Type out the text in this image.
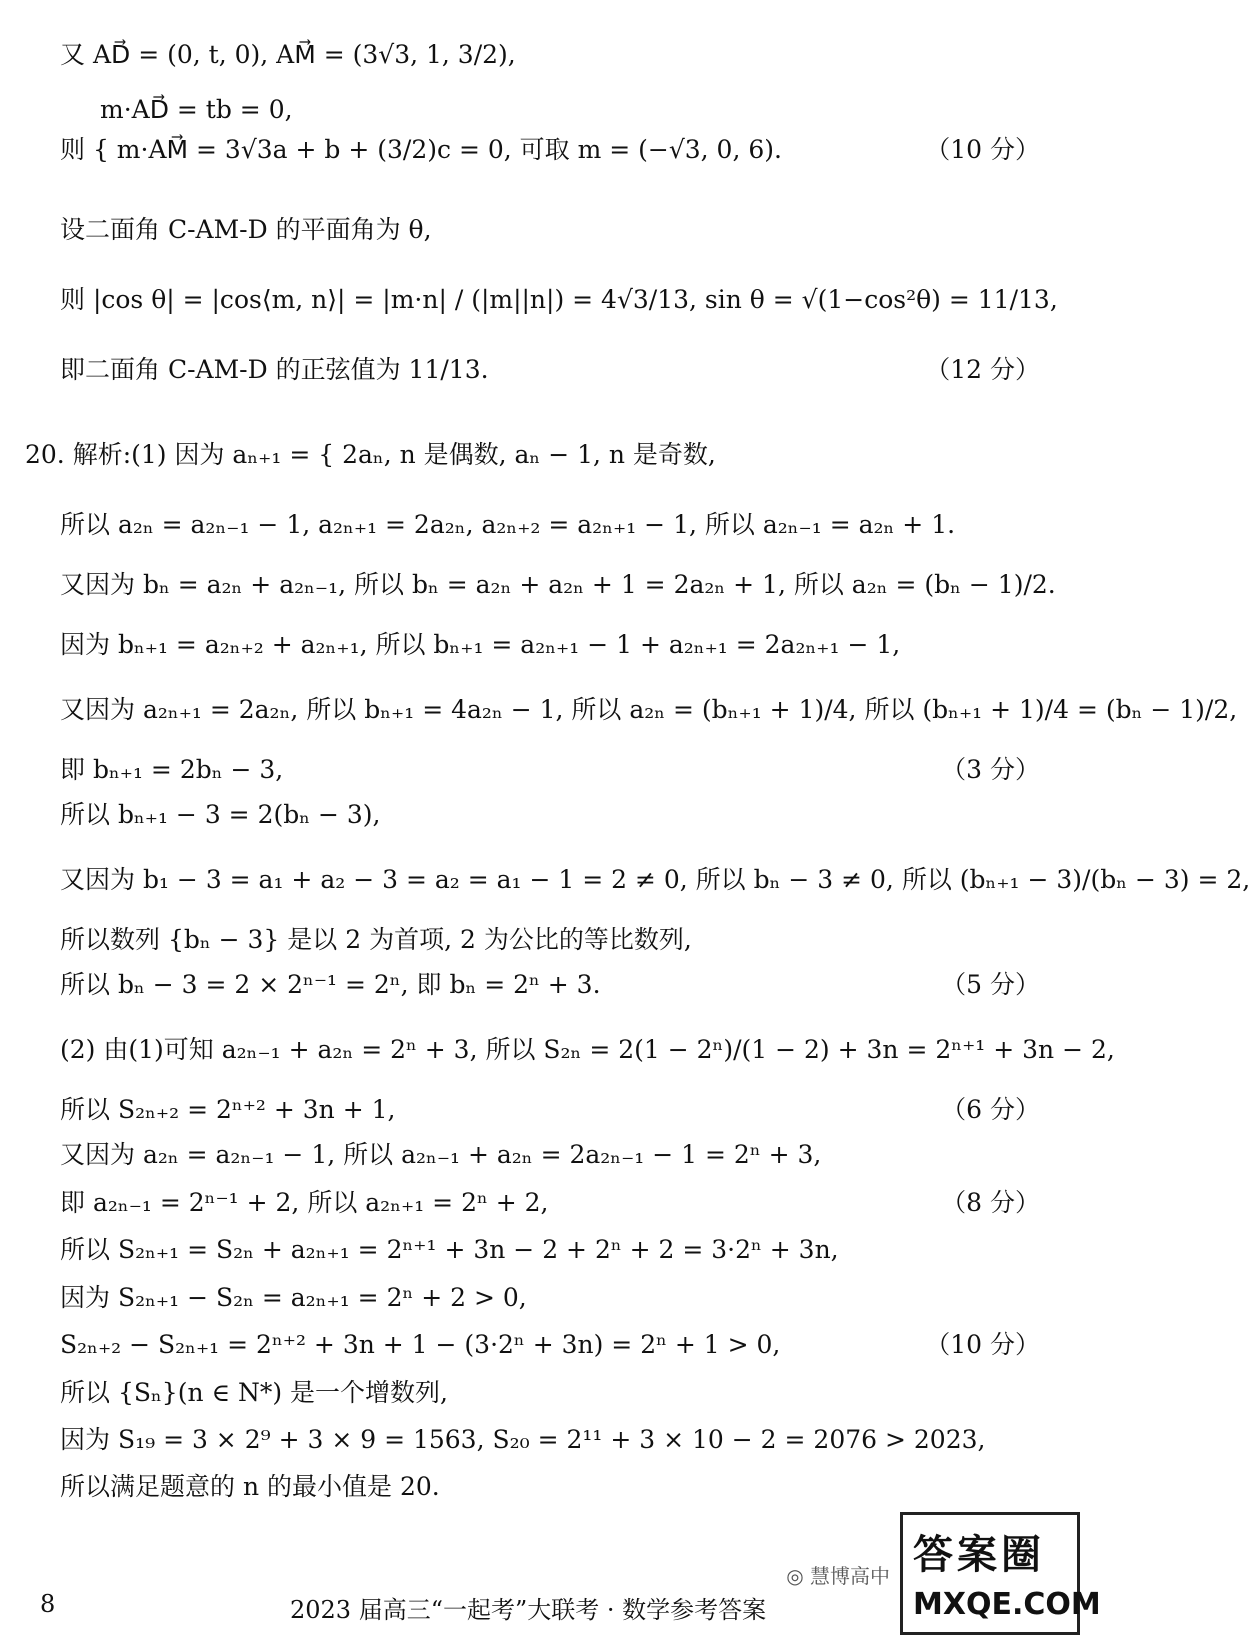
又 AD⃗ = (0, t, 0), AM⃗ = (3√3, 1, 3/2),
m·AD⃗ = tb = 0,
则 { m·AM⃗ = 3√3a + b + (3/2)c = 0, 可取 m = (−√3, 0, 6).	（10 分）
设二面角 C-AM-D 的平面角为 θ,
则 |cos θ| = |cos⟨m, n⟩| = |m·n| / (|m||n|) = 4√3/13, sin θ = √(1−cos²θ) = 11/13,
即二面角 C-AM-D 的正弦值为 11/13.	（12 分）
20. 解析:(1) 因为 aₙ₊₁ = { 2aₙ, n 是偶数, aₙ − 1, n 是奇数,
所以 a₂ₙ = a₂ₙ₋₁ − 1, a₂ₙ₊₁ = 2a₂ₙ, a₂ₙ₊₂ = a₂ₙ₊₁ − 1, 所以 a₂ₙ₋₁ = a₂ₙ + 1.
又因为 bₙ = a₂ₙ + a₂ₙ₋₁, 所以 bₙ = a₂ₙ + a₂ₙ + 1 = 2a₂ₙ + 1, 所以 a₂ₙ = (bₙ − 1)/2.
因为 bₙ₊₁ = a₂ₙ₊₂ + a₂ₙ₊₁, 所以 bₙ₊₁ = a₂ₙ₊₁ − 1 + a₂ₙ₊₁ = 2a₂ₙ₊₁ − 1,
又因为 a₂ₙ₊₁ = 2a₂ₙ, 所以 bₙ₊₁ = 4a₂ₙ − 1, 所以 a₂ₙ = (bₙ₊₁ + 1)/4, 所以 (bₙ₊₁ + 1)/4 = (bₙ − 1)/2,
即 bₙ₊₁ = 2bₙ − 3,	（3 分）
所以 bₙ₊₁ − 3 = 2(bₙ − 3),
又因为 b₁ − 3 = a₁ + a₂ − 3 = a₂ = a₁ − 1 = 2 ≠ 0, 所以 bₙ − 3 ≠ 0, 所以 (bₙ₊₁ − 3)/(bₙ − 3) = 2,
所以数列 {bₙ − 3} 是以 2 为首项, 2 为公比的等比数列,
所以 bₙ − 3 = 2 × 2ⁿ⁻¹ = 2ⁿ, 即 bₙ = 2ⁿ + 3.	（5 分）
(2) 由(1)可知 a₂ₙ₋₁ + a₂ₙ = 2ⁿ + 3, 所以 S₂ₙ = 2(1 − 2ⁿ)/(1 − 2) + 3n = 2ⁿ⁺¹ + 3n − 2,
所以 S₂ₙ₊₂ = 2ⁿ⁺² + 3n + 1,	（6 分）
又因为 a₂ₙ = a₂ₙ₋₁ − 1, 所以 a₂ₙ₋₁ + a₂ₙ = 2a₂ₙ₋₁ − 1 = 2ⁿ + 3,
即 a₂ₙ₋₁ = 2ⁿ⁻¹ + 2, 所以 a₂ₙ₊₁ = 2ⁿ + 2,	（8 分）
所以 S₂ₙ₊₁ = S₂ₙ + a₂ₙ₊₁ = 2ⁿ⁺¹ + 3n − 2 + 2ⁿ + 2 = 3·2ⁿ + 3n,
因为 S₂ₙ₊₁ − S₂ₙ = a₂ₙ₊₁ = 2ⁿ + 2 > 0,
S₂ₙ₊₂ − S₂ₙ₊₁ = 2ⁿ⁺² + 3n + 1 − (3·2ⁿ + 3n) = 2ⁿ + 1 > 0,	（10 分）
所以 {Sₙ}(n ∈ N*) 是一个增数列,
因为 S₁₉ = 3 × 2⁹ + 3 × 9 = 1563, S₂₀ = 2¹¹ + 3 × 10 − 2 = 2076 > 2023,
所以满足题意的 n 的最小值是 20.
8	2023 届高三“一起考”大联考 · 数学参考答案
◎ 慧博高中 答案圈
MXQE.COM
